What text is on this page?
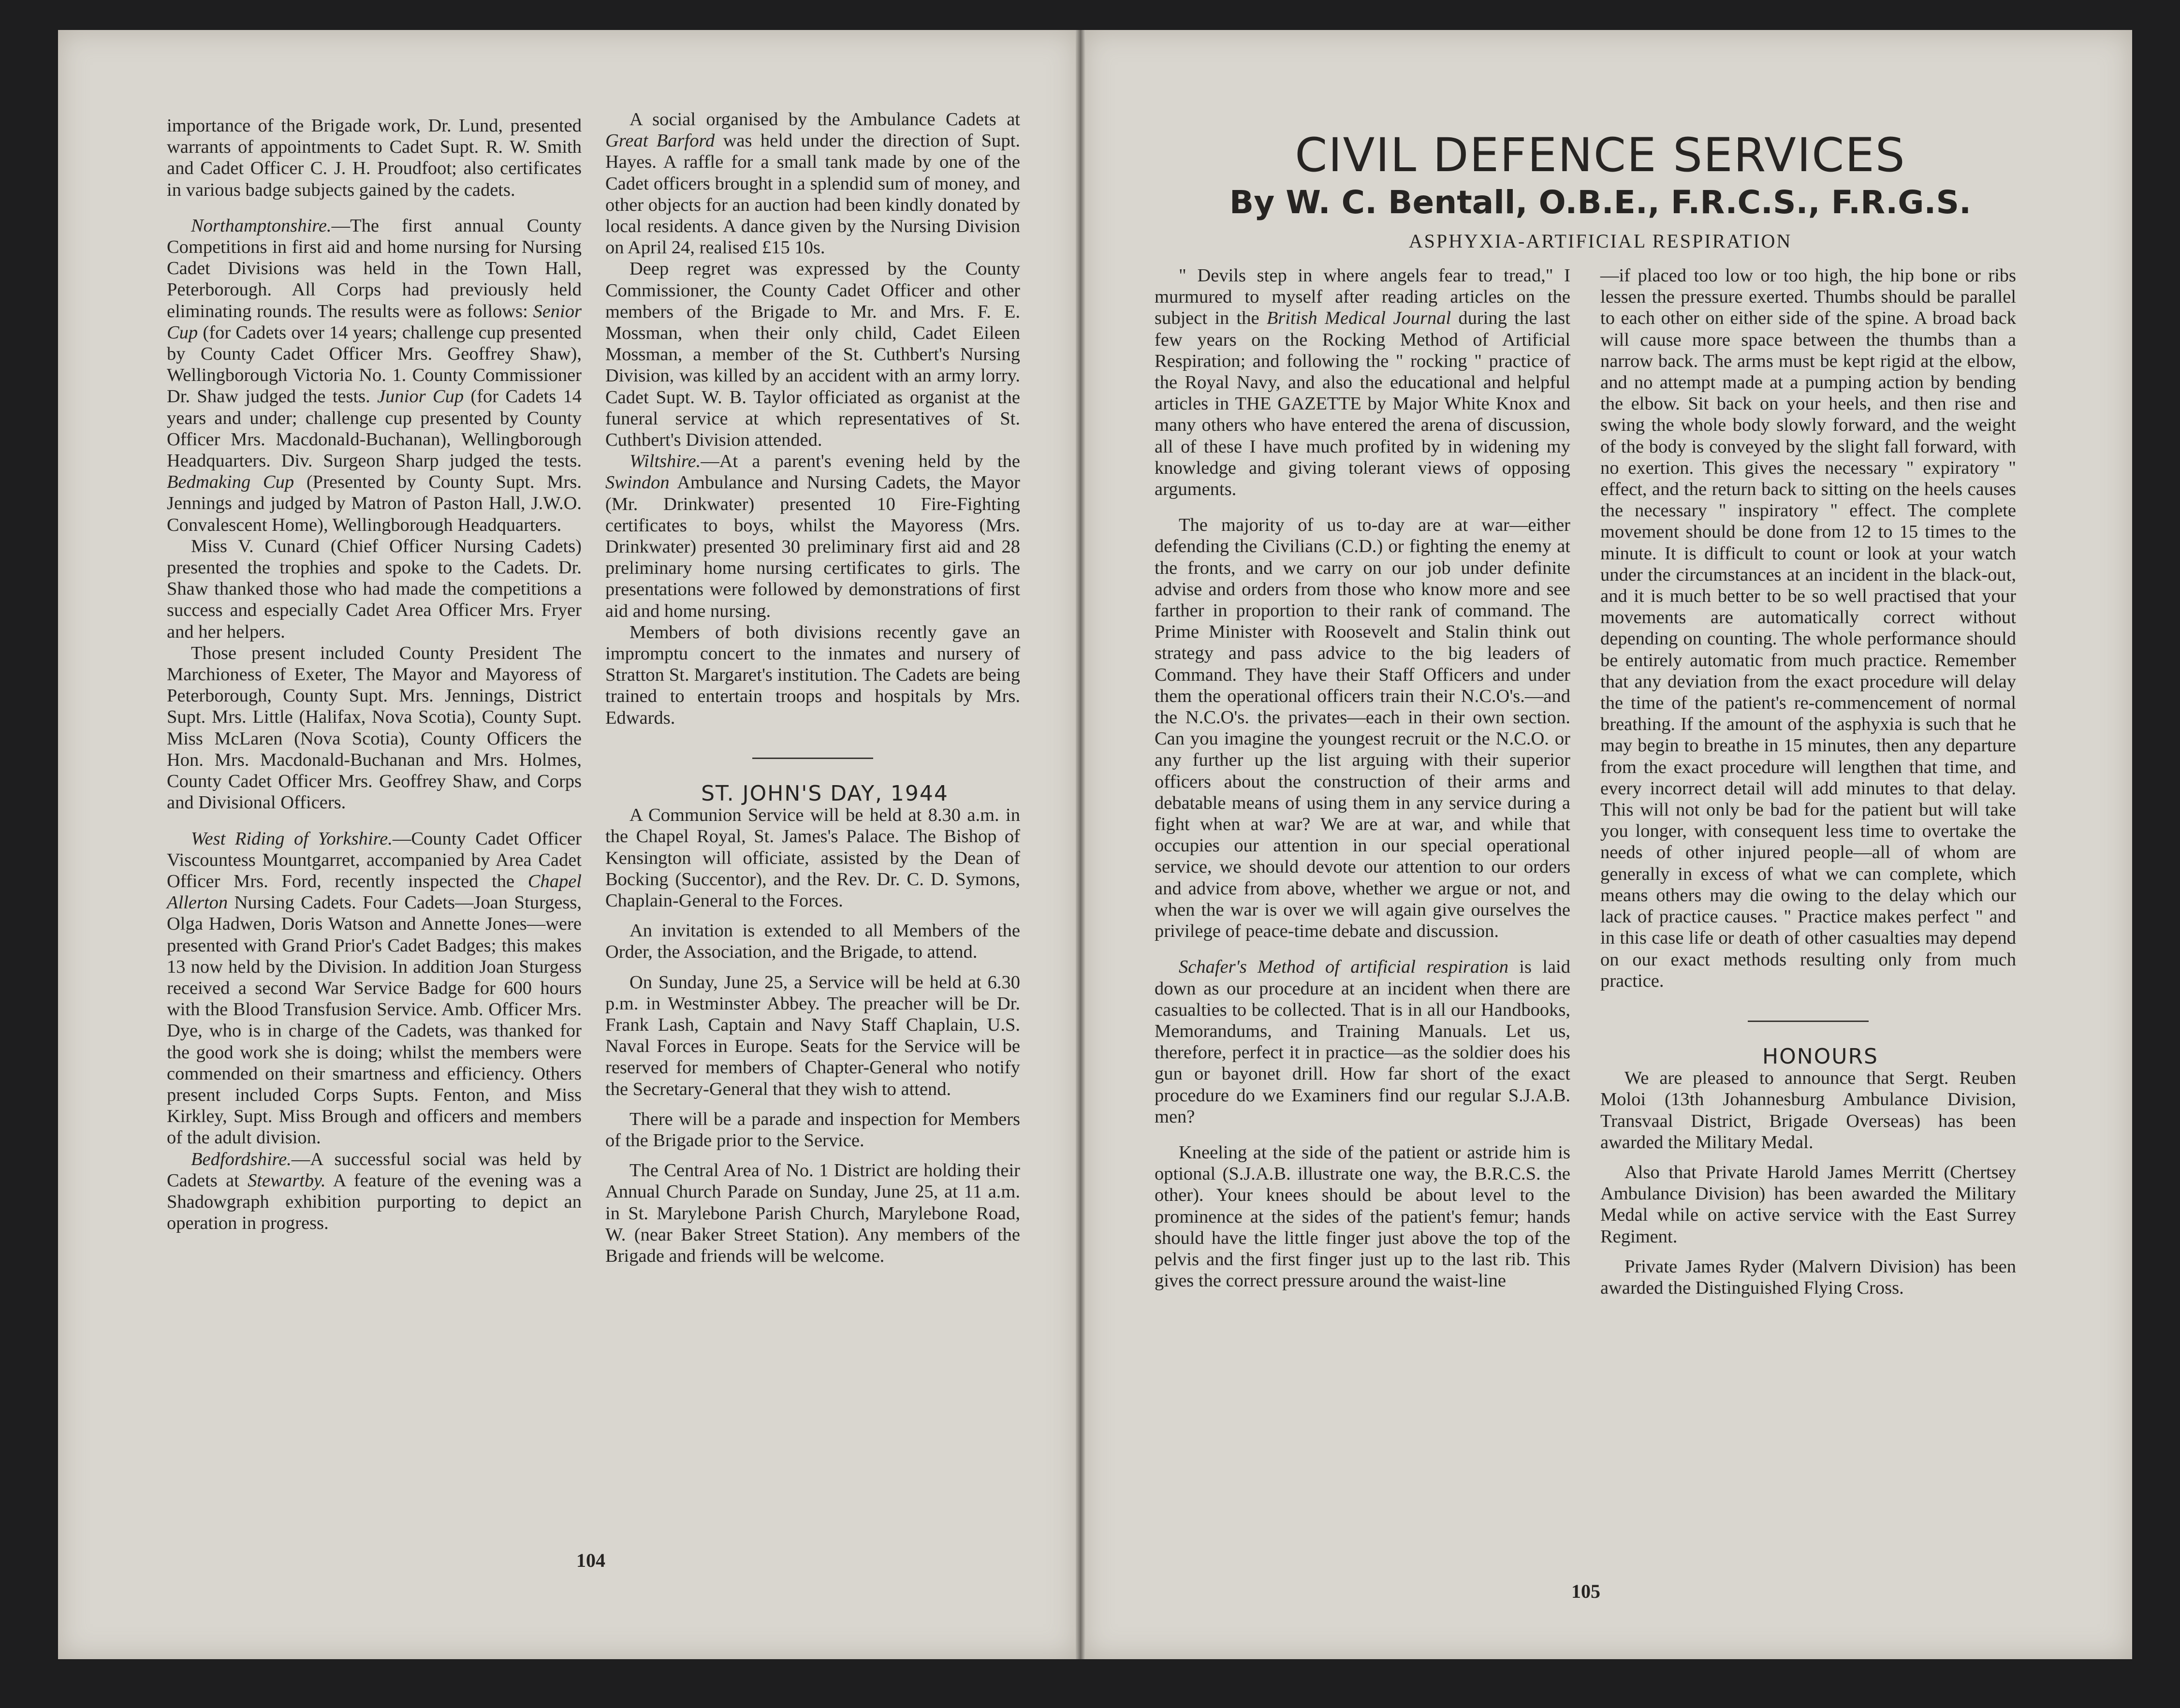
importance of the Brigade work, Dr. Lund, presented warrants of appointments to Cadet Supt. R. W. Smith and Cadet Officer C. J. H. Proudfoot; also certificates in various badge subjects gained by the cadets.

Northamptonshire.—The first annual County Competitions in first aid and home nursing for Nursing Cadet Divisions was held in the Town Hall, Peterborough. All Corps had previously held eliminating rounds. The results were as follows: Senior Cup (for Cadets over 14 years; challenge cup presented by County Cadet Officer Mrs. Geoffrey Shaw), Wellingborough Victoria No. 1. County Commissioner Dr. Shaw judged the tests. Junior Cup (for Cadets 14 years and under; challenge cup presented by County Officer Mrs. Macdonald-Buchanan), Wellingborough Headquarters. Div. Surgeon Sharp judged the tests. Bedmaking Cup (Presented by County Supt. Mrs. Jennings and judged by Matron of Paston Hall, J.W.O. Convalescent Home), Wellingborough Headquarters.

Miss V. Cunard (Chief Officer Nursing Cadets) presented the trophies and spoke to the Cadets. Dr. Shaw thanked those who had made the competitions a success and especially Cadet Area Officer Mrs. Fryer and her helpers.

Those present included County President The Marchioness of Exeter, The Mayor and Mayoress of Peterborough, County Supt. Mrs. Jennings, District Supt. Mrs. Little (Halifax, Nova Scotia), County Supt. Miss McLaren (Nova Scotia), County Officers the Hon. Mrs. Macdonald-Buchanan and Mrs. Holmes, County Cadet Officer Mrs. Geoffrey Shaw, and Corps and Divisional Officers.

West Riding of Yorkshire.—County Cadet Officer Viscountess Mountgarret, accompanied by Area Cadet Officer Mrs. Ford, recently inspected the Chapel Allerton Nursing Cadets. Four Cadets—Joan Sturgess, Olga Hadwen, Doris Watson and Annette Jones—were presented with Grand Prior's Cadet Badges; this makes 13 now held by the Division. In addition Joan Sturgess received a second War Service Badge for 600 hours with the Blood Transfusion Service. Amb. Officer Mrs. Dye, who is in charge of the Cadets, was thanked for the good work she is doing; whilst the members were commended on their smartness and efficiency. Others present included Corps Supts. Fenton, and Miss Kirkley, Supt. Miss Brough and officers and members of the adult division.

Bedfordshire.—A successful social was held by Cadets at Stewartby. A feature of the evening was a Shadowgraph exhibition purporting to depict an operation in progress.

A social organised by the Ambulance Cadets at Great Barford was held under the direction of Supt. Hayes. A raffle for a small tank made by one of the Cadet officers brought in a splendid sum of money, and other objects for an auction had been kindly donated by local residents. A dance given by the Nursing Division on April 24, realised £15 10s.

Deep regret was expressed by the County Commissioner, the County Cadet Officer and other members of the Brigade to Mr. and Mrs. F. E. Mossman, when their only child, Cadet Eileen Mossman, a member of the St. Cuthbert's Nursing Division, was killed by an accident with an army lorry. Cadet Supt. W. B. Taylor officiated as organist at the funeral service at which representatives of St. Cuthbert's Division attended.

Wiltshire.—At a parent's evening held by the Swindon Ambulance and Nursing Cadets, the Mayor (Mr. Drinkwater) presented 10 Fire-Fighting certificates to boys, whilst the Mayoress (Mrs. Drinkwater) presented 30 preliminary first aid and 28 preliminary home nursing certificates to girls. The presentations were followed by demonstrations of first aid and home nursing.

Members of both divisions recently gave an impromptu concert to the inmates and nursery of Stratton St. Margaret's institution. The Cadets are being trained to entertain troops and hospitals by Mrs. Edwards.

ST. JOHN'S DAY, 1944

A Communion Service will be held at 8.30 a.m. in the Chapel Royal, St. James's Palace. The Bishop of Kensington will officiate, assisted by the Dean of Bocking (Succentor), and the Rev. Dr. C. D. Symons, Chaplain-General to the Forces.

An invitation is extended to all Members of the Order, the Association, and the Brigade, to attend.

On Sunday, June 25, a Service will be held at 6.30 p.m. in Westminster Abbey. The preacher will be Dr. Frank Lash, Captain and Navy Staff Chaplain, U.S. Naval Forces in Europe. Seats for the Service will be reserved for members of Chapter-General who notify the Secretary-General that they wish to attend.

There will be a parade and inspection for Members of the Brigade prior to the Service.

The Central Area of No. 1 District are holding their Annual Church Parade on Sunday, June 25, at 11 a.m. in St. Marylebone Parish Church, Marylebone Road, W. (near Baker Street Station). Any members of the Brigade and friends will be welcome.

104
CIVIL DEFENCE SERVICES
By W. C. Bentall, O.B.E., F.R.C.S., F.R.G.S.

ASPHYXIA-ARTIFICIAL RESPIRATION

" Devils step in where angels fear to tread," I murmured to myself after reading articles on the subject in the British Medical Journal during the last few years on the Rocking Method of Artificial Respiration; and following the " rocking " practice of the Royal Navy, and also the educational and helpful articles in THE GAZETTE by Major White Knox and many others who have entered the arena of discussion, all of these I have much profited by in widening my knowledge and giving tolerant views of opposing arguments.

The majority of us to-day are at war—either defending the Civilians (C.D.) or fighting the enemy at the fronts, and we carry on our job under definite advise and orders from those who know more and see farther in proportion to their rank of command. The Prime Minister with Roosevelt and Stalin think out strategy and pass advice to the big leaders of Command. They have their Staff Officers and under them the operational officers train their N.C.O's.—and the N.C.O's. the privates—each in their own section. Can you imagine the youngest recruit or the N.C.O. or any further up the list arguing with their superior officers about the construction of their arms and debatable means of using them in any service during a fight when at war? We are at war, and while that occupies our attention in our special operational service, we should devote our attention to our orders and advice from above, whether we argue or not, and when the war is over we will again give ourselves the privilege of peace-time debate and discussion.

Schafer's Method of artificial respiration is laid down as our procedure at an incident when there are casualties to be collected. That is in all our Handbooks, Memorandums, and Training Manuals. Let us, therefore, perfect it in practice—as the soldier does his gun or bayonet drill. How far short of the exact procedure do we Examiners find our regular S.J.A.B. men?

Kneeling at the side of the patient or astride him is optional (S.J.A.B. illustrate one way, the B.R.C.S. the other). Your knees should be about level to the prominence at the sides of the patient's femur; hands should have the little finger just above the top of the pelvis and the first finger just up to the last rib. This gives the correct pressure around the waist-line

—if placed too low or too high, the hip bone or ribs lessen the pressure exerted. Thumbs should be parallel to each other on either side of the spine. A broad back will cause more space between the thumbs than a narrow back. The arms must be kept rigid at the elbow, and no attempt made at a pumping action by bending the elbow. Sit back on your heels, and then rise and swing the whole body slowly forward, and the weight of the body is conveyed by the slight fall forward, with no exertion. This gives the necessary " expiratory " effect, and the return back to sitting on the heels causes the necessary " inspiratory " effect. The complete movement should be done from 12 to 15 times to the minute. It is difficult to count or look at your watch under the circumstances at an incident in the black-out, and it is much better to be so well practised that your movements are automatically correct without depending on counting. The whole performance should be entirely automatic from much practice. Remember that any deviation from the exact procedure will delay the time of the patient's re-commencement of normal breathing. If the amount of the asphyxia is such that he may begin to breathe in 15 minutes, then any departure from the exact procedure will lengthen that time, and every incorrect detail will add minutes to that delay. This will not only be bad for the patient but will take you longer, with consequent less time to overtake the needs of other injured people—all of whom are generally in excess of what we can complete, which means others may die owing to the delay which our lack of practice causes. " Practice makes perfect " and in this case life or death of other casualties may depend on our exact methods resulting only from much practice.

HONOURS

We are pleased to announce that Sergt. Reuben Moloi (13th Johannesburg Ambulance Division, Transvaal District, Brigade Overseas) has been awarded the Military Medal.

Also that Private Harold James Merritt (Chertsey Ambulance Division) has been awarded the Military Medal while on active service with the East Surrey Regiment.

Private James Ryder (Malvern Division) has been awarded the Distinguished Flying Cross.

105
